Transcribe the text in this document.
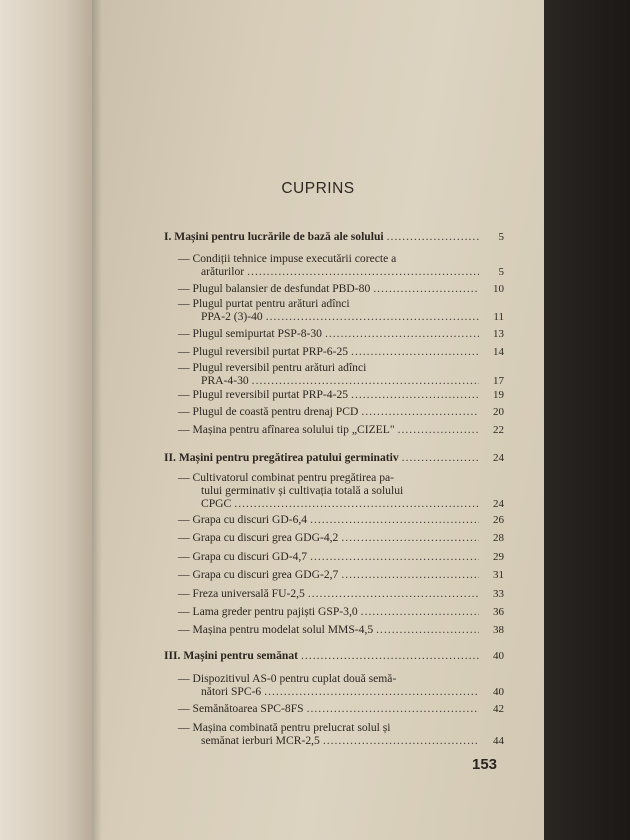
CUPRINS
I. Mașini pentru lucrările de bază ale solului .....	5
— Condiții tehnice impuse executării corecte a
arăturilor .....	5
— Plugul balansier de desfundat PBD-80 .....	10
— Plugul purtat pentru arături adînci
PPA-2 (3)-40 .....	11
— Plugul semipurtat PSP-8-30 .....	13
— Plugul reversibil purtat PRP-6-25 .....	14
— Plugul reversibil pentru arături adînci
PRA-4-30 .....	17
— Plugul reversibil purtat PRP-4-25 .....	19
— Plugul de coastă pentru drenaj PCD .....	20
— Mașina pentru afînarea solului tip „CIZEL" .....	22
II. Mașini pentru pregătirea patului germinativ .....	24
— Cultivatorul combinat pentru pregătirea pa-
tului germinativ și cultivația totală a solului
CPGC .....	24
— Grapa cu discuri GD-6,4 .....	26
— Grapa cu discuri grea GDG-4,2 .....	28
— Grapa cu discuri GD-4,7 .....	29
— Grapa cu discuri grea GDG-2,7 .....	31
— Freza universală FU-2,5 .....	33
— Lama greder pentru pajiști GSP-3,0 .....	36
— Mașina pentru modelat solul MMS-4,5 .....	38
III. Mașini pentru semănat .....	40
— Dispozitivul AS-0 pentru cuplat două semă-
nători SPC-6 .....	40
— Semănătoarea SPC-8FS .....	42
— Mașina combinată pentru prelucrat solul și
semănat ierburi MCR-2,5 .....	44
153
